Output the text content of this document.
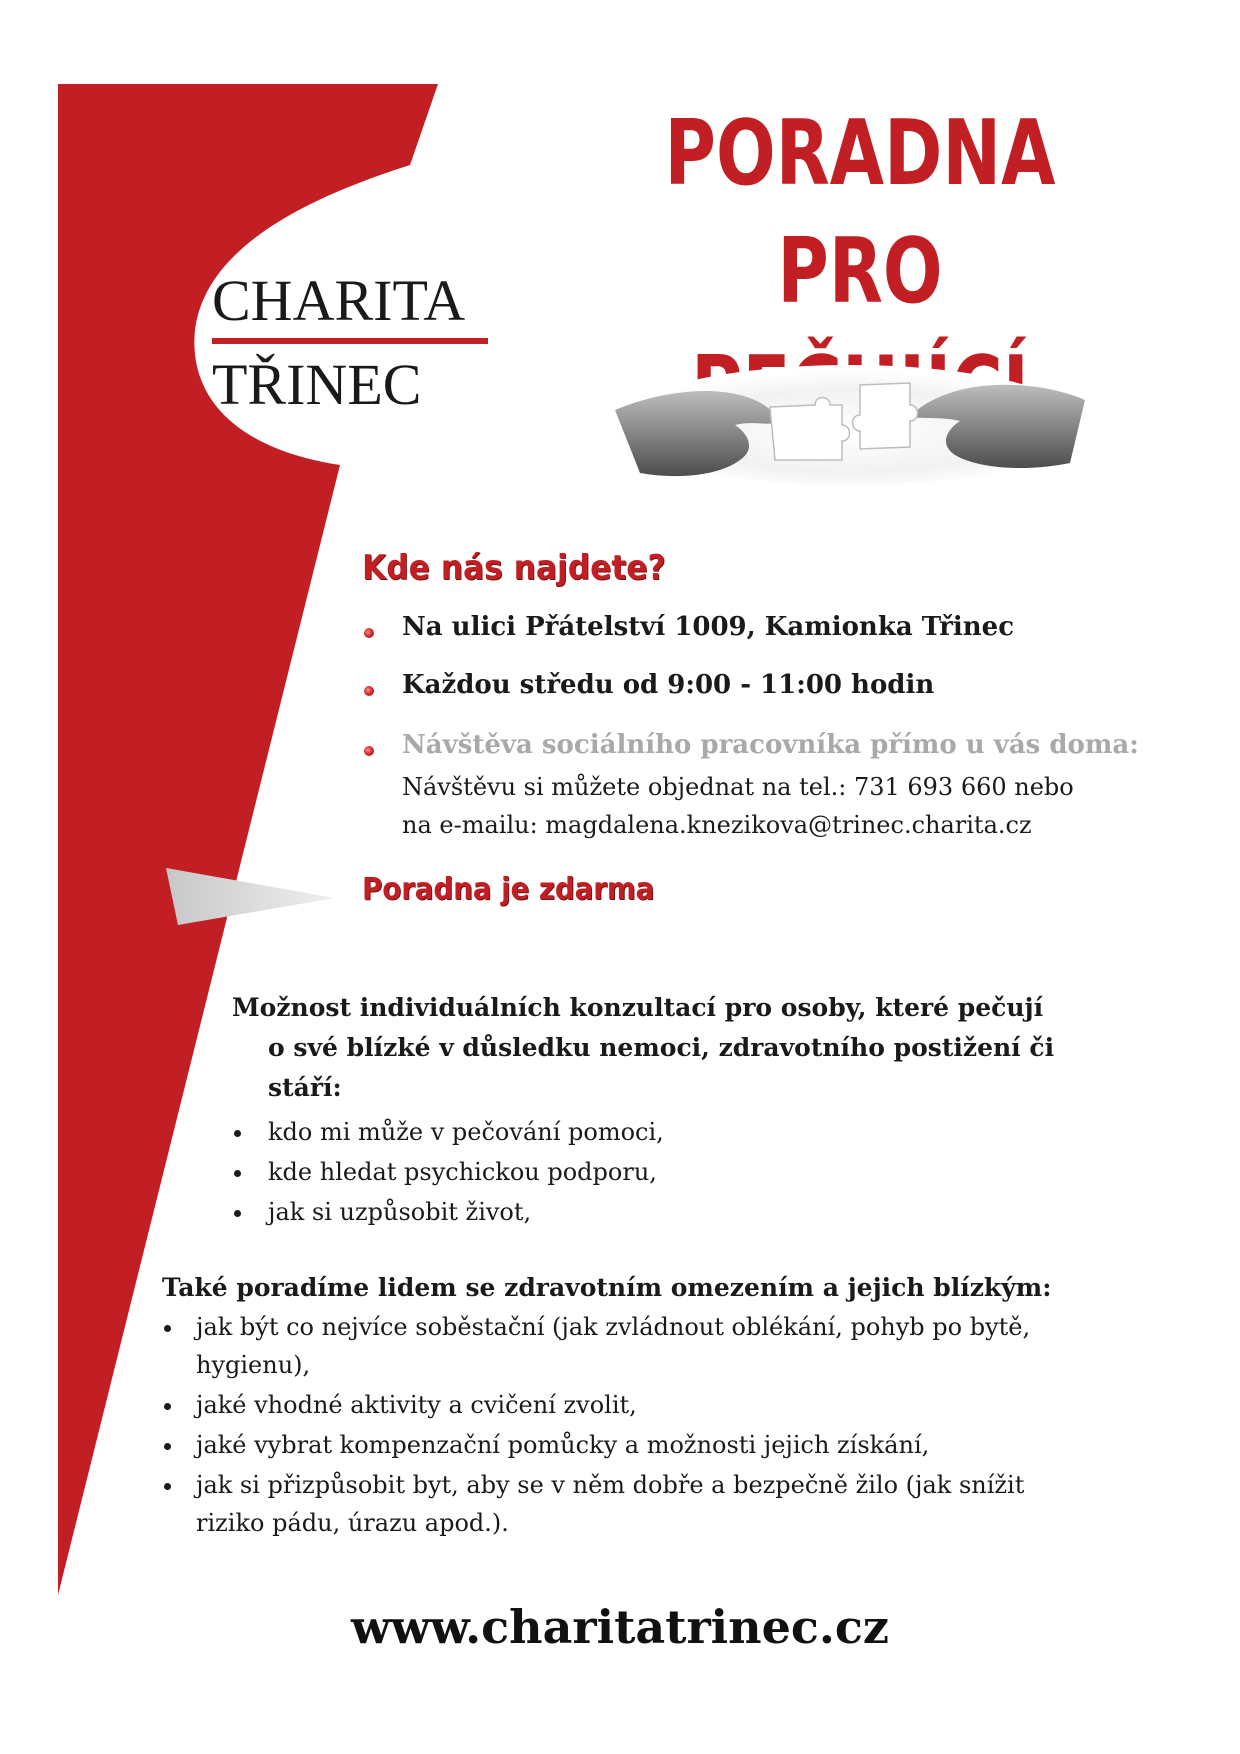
CHARITA
TŘINEC
PORADNA PRO
Kde nás najdete?
Na ulici Přátelství 1009, Kamionka Třinec
Každou středu od 9:00 - 11:00 hodin
Návštěva sociálního pracovníka přímo u vás doma:
Návštěvu si můžete objednat na tel.: 731 693 660 nebo
na e-mailu: magdalena.knezikova@trinec.charita.cz
Poradna je zdarma

Možnost individuálních konzultací pro osoby, které pečují
o své blízké v důsledku nemoci, zdravotního postižení či
stáří:

kdo mi může v pečování pomoci,
kde hledat psychickou podporu,
jak si uzpůsobit život,

Také poradíme lidem se zdravotním omezením a jejich blízkým:

jak být co nejvíce soběstační (jak zvládnout oblékání, pohyb po bytě,
hygienu),
jaké vhodné aktivity a cvičení zvolit,
jaké vybrat kompenzační pomůcky a možnosti jejich získání,
jak si přizpůsobit byt, aby se v něm dobře a bezpečně žilo (jak snížit
riziko pádu, úrazu apod.).
www.charitatrinec.cz
